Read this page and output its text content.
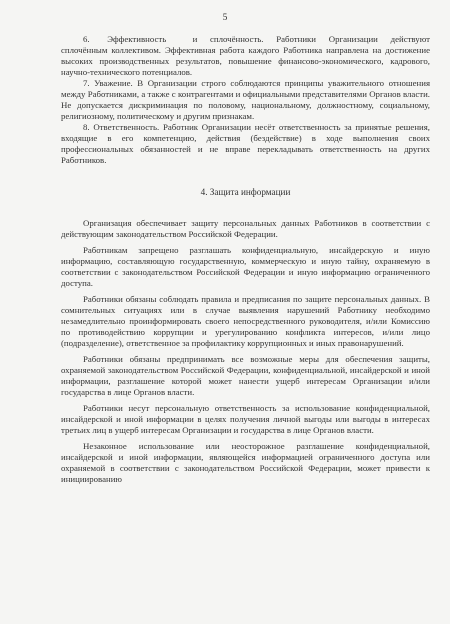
5

6.  Эффективность   и сплочённость. Работники Организации действуют сплочённым коллективом. Эффективная работа каждого Работника направлена на достижение высоких производственных результатов, повышение финансово-экономического, кадрового, научно-технического потенциалов.

7. Уважение. В Организации строго соблюдаются принципы уважительного отношения между Работниками, а также с контрагентами и официальными представителями Органов власти. Не допускается дискриминация по половому, национальному, должностному, социальному, религиозному, политическому и другим признакам.

8. Ответственность. Работник Организации несёт ответственность за принятые решения, входящие в его компетенцию, действия (бездействие) в ходе выполнения своих профессиональных обязанностей и не вправе перекладывать ответственность на других Работников.

4. Защита информации

Организация обеспечивает защиту персональных данных Работников в соответствии с действующим законодательством Российской Федерации.

Работникам запрещено разглашать конфиденциальную, инсайдерскую и иную информацию, составляющую государственную, коммерческую и иную тайну, охраняемую в соответствии с законодательством Российской Федерации и иную информацию ограниченного доступа.

Работники обязаны соблюдать правила и предписания по защите персональных данных. В сомнительных ситуациях или в случае выявления нарушений Работнику необходимо незамедлительно проинформировать своего непосредственного руководителя, и/или Комиссию по противодействию коррупции и урегулированию конфликта интересов, и/или лицо (подразделение), ответственное за профилактику коррупционных и иных правонарушений.

Работники обязаны предпринимать все возможные меры для обеспечения защиты, охраняемой законодательством Российской Федерации, конфиденциальной, инсайдерской и иной информации, разглашение которой может нанести ущерб интересам Организации и/или государства в лице Органов власти.

Работники несут персональную ответственность за использование конфиденциальной, инсайдерской и иной информации в целях получения личной выгоды или выгоды в интересах третьих лиц в ущерб интересам Организации и государства в лице Органов власти.

Незаконное использование или неосторожное разглашение конфиденциальной, инсайдерской и иной информации, являющейся информацией ограниченного доступа или охраняемой в соответствии с законодательством Российской Федерации, может привести к инициированию
